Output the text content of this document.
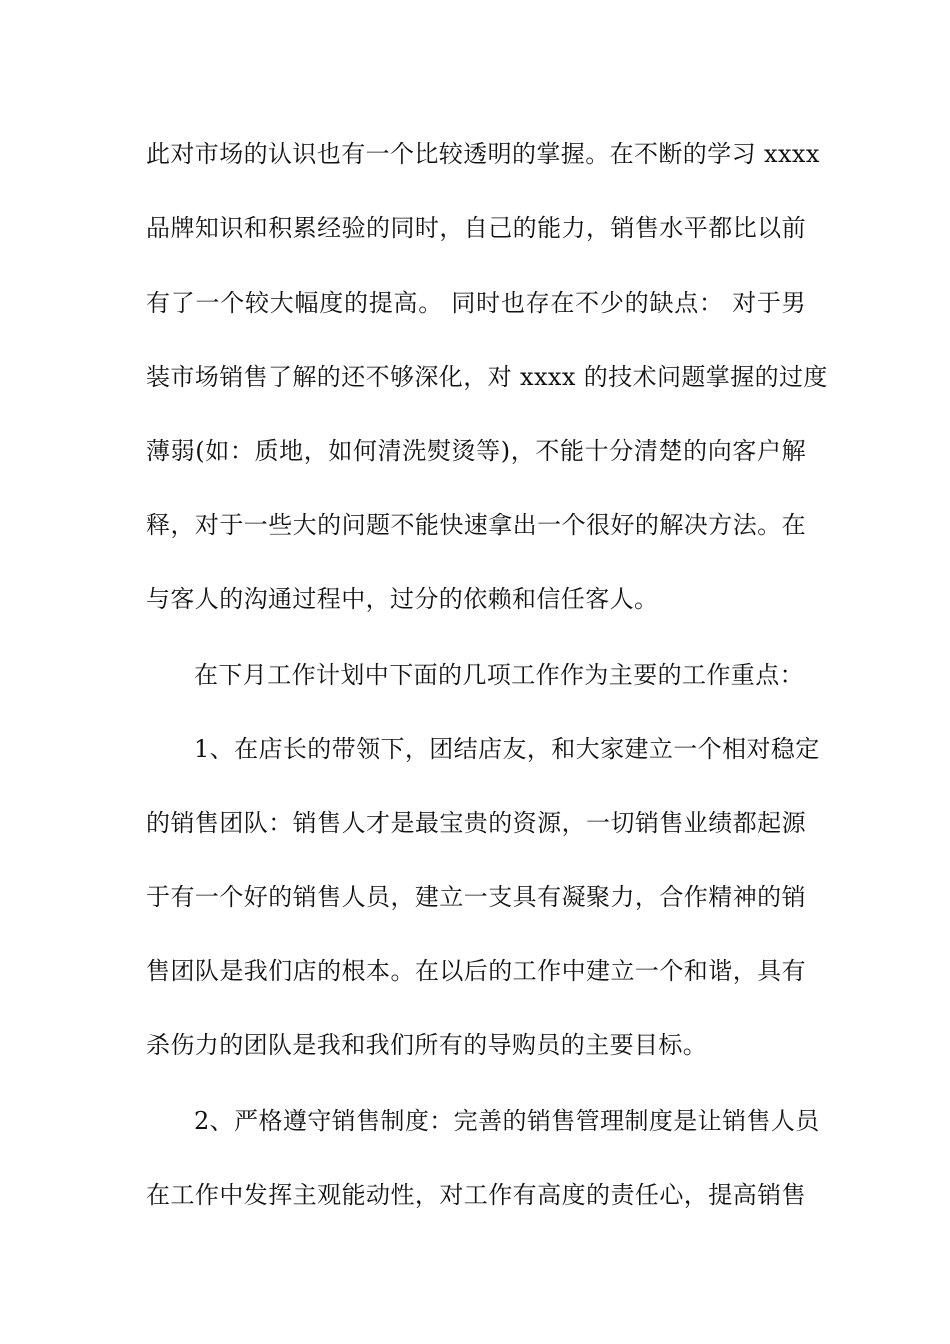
此对市场的认识也有一个比较透明的掌握。在不断的学习 xxxx
品牌知识和积累经验的同时，自己的能力，销售水平都比以前
有了一个较大幅度的提高。 同时也存在不少的缺点： 对于男
装市场销售了解的还不够深化，对 xxxx 的技术问题掌握的过度
薄弱(如：质地，如何清洗熨烫等)，不能十分清楚的向客户解
释，对于一些大的问题不能快速拿出一个很好的解决方法。在
与客人的沟通过程中，过分的依赖和信任客人。
在下月工作计划中下面的几项工作作为主要的工作重点：
1、在店长的带领下，团结店友，和大家建立一个相对稳定
的销售团队：销售人才是最宝贵的资源，一切销售业绩都起源
于有一个好的销售人员，建立一支具有凝聚力，合作精神的销
售团队是我们店的根本。在以后的工作中建立一个和谐，具有
杀伤力的团队是我和我们所有的导购员的主要目标。
2、严格遵守销售制度：完善的销售管理制度是让销售人员
在工作中发挥主观能动性，对工作有高度的责任心，提高销售
